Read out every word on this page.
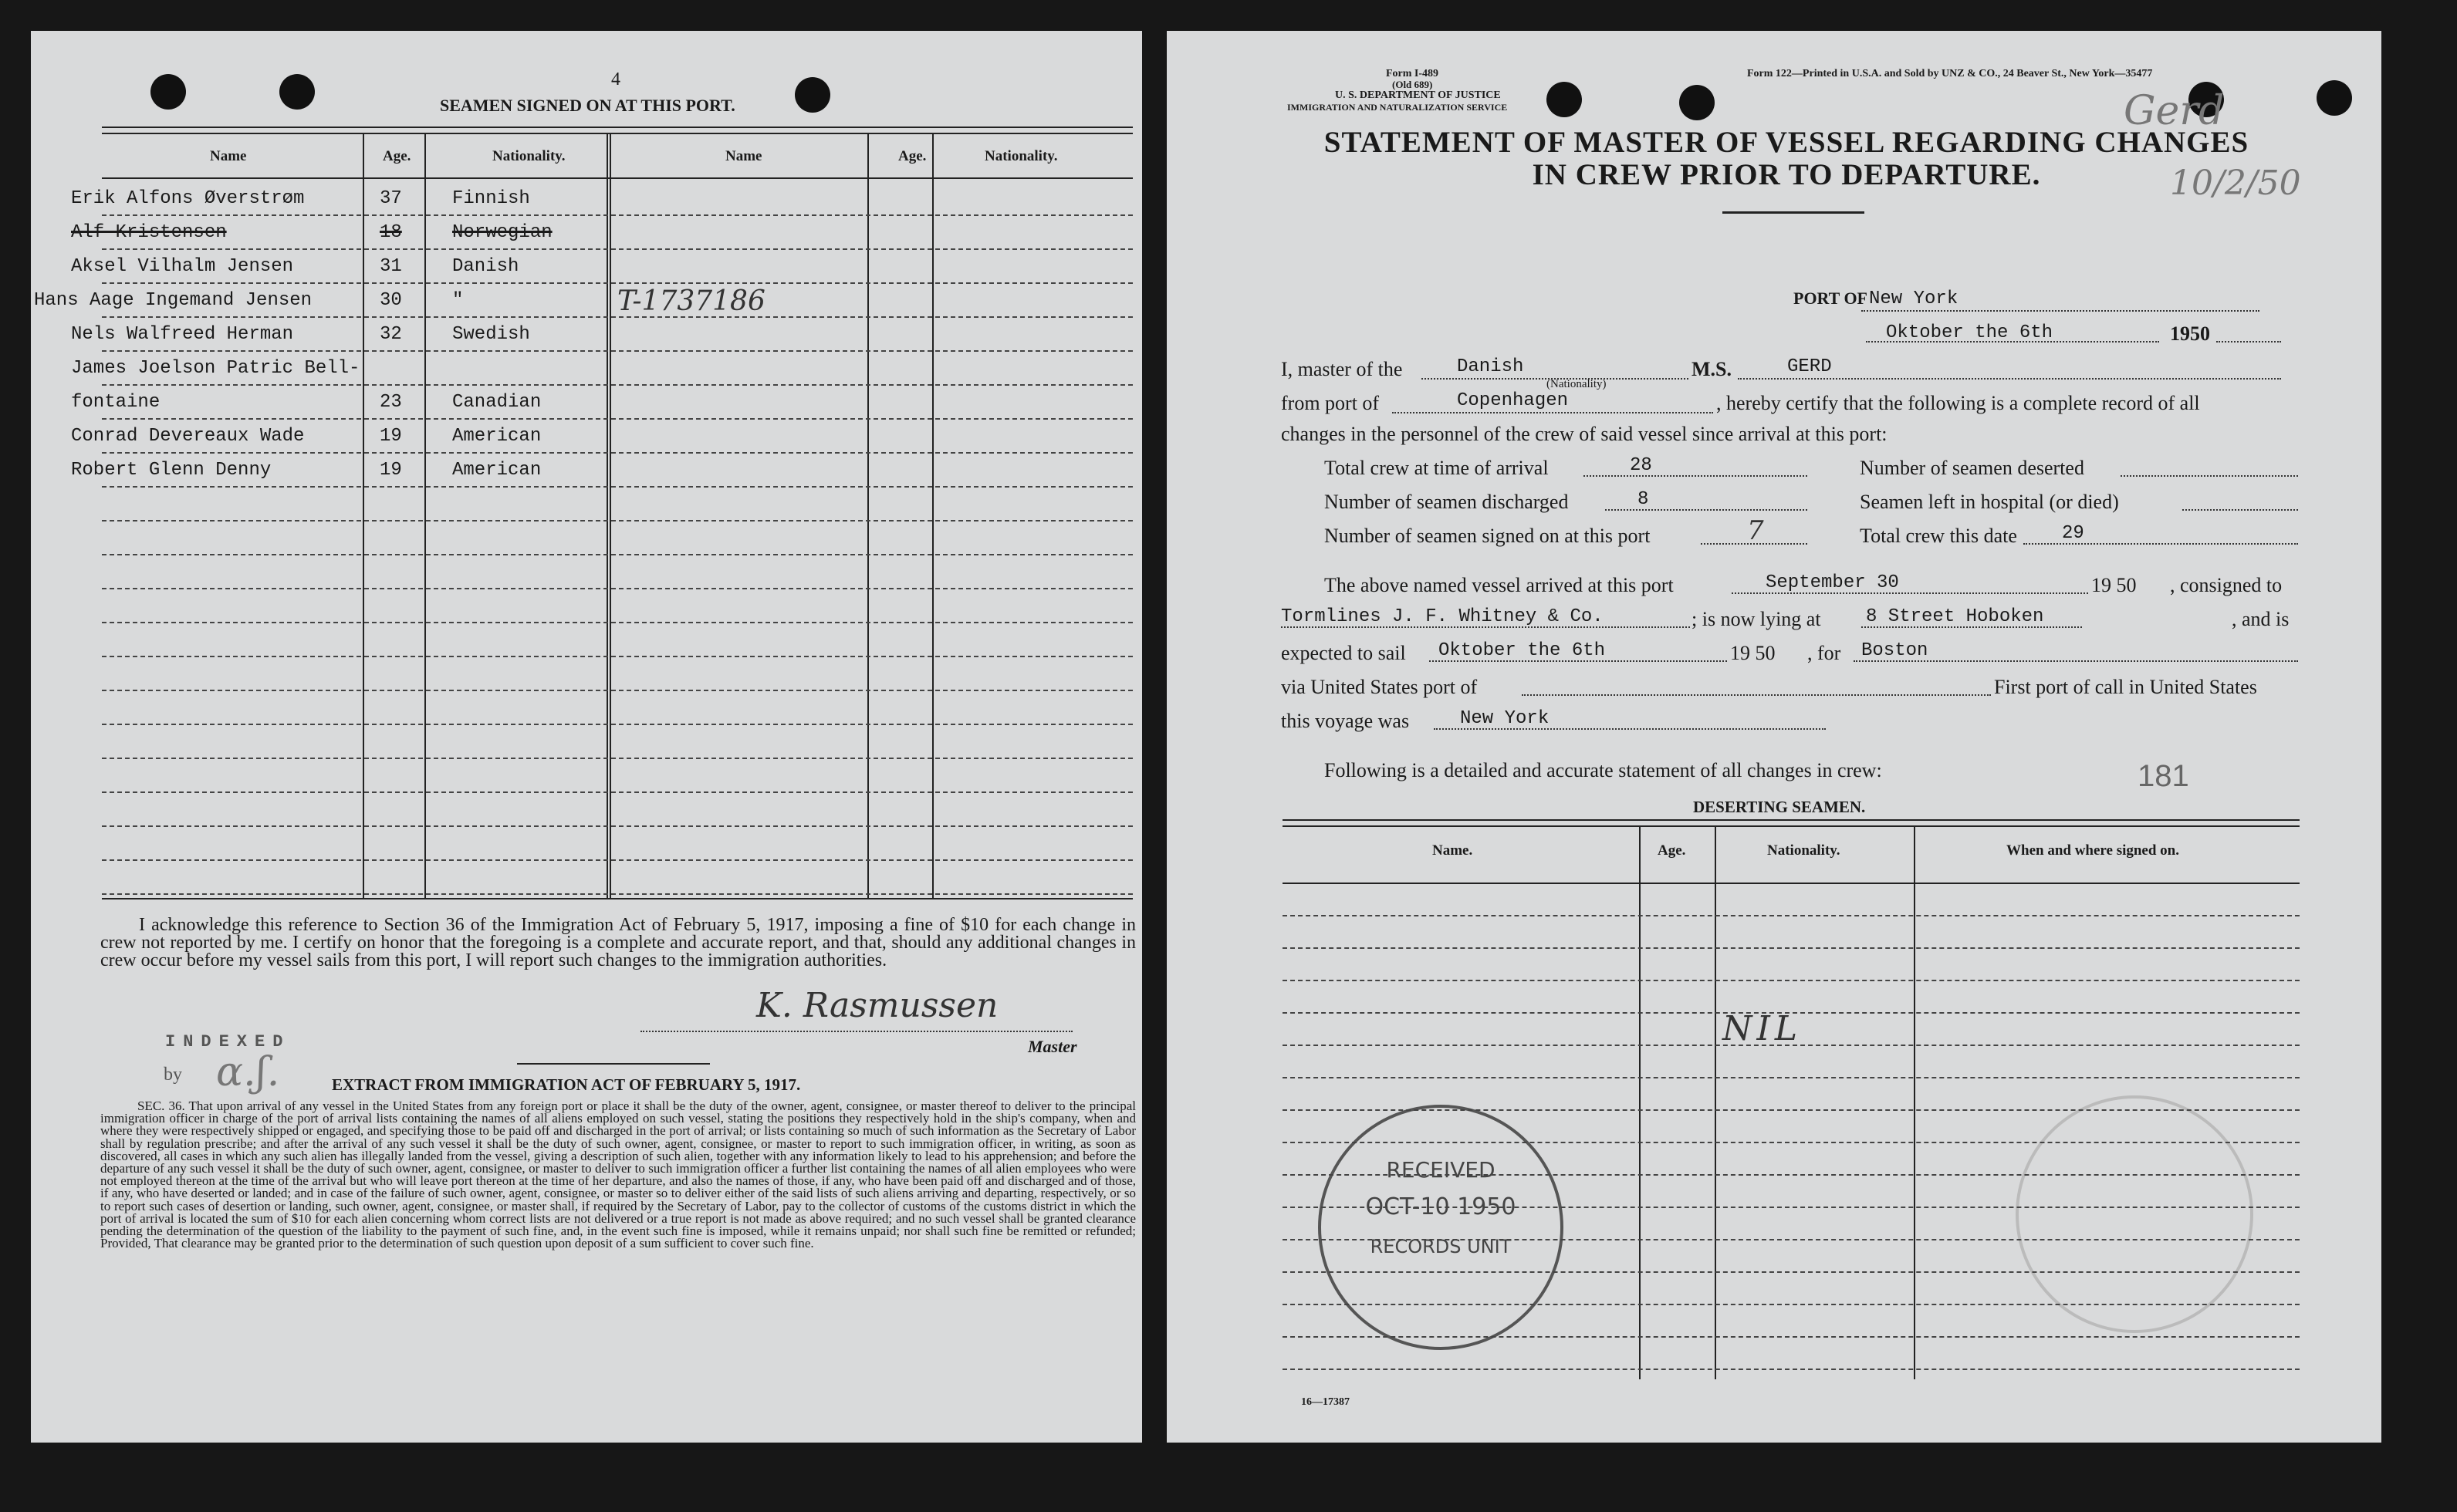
4
SEAMEN SIGNED ON AT THIS PORT.
Name	Age.	Nationality.	Name	Age.	Nationality.
T-1737186
I acknowledge this reference to Section 36 of the Immigration Act of February 5, 1917, imposing a fine of $10 for each change in crew not reported by me. I certify on honor that the foregoing is a complete and accurate report, and that, should any additional changes in crew occur before my vessel sails from this port, I will report such changes to the immigration authorities.
K. Rasmussen
Master
INDEXED
by ɑ.ʃ.	EXTRACT FROM IMMIGRATION ACT OF FEBRUARY 5, 1917.
SEC. 36. That upon arrival of any vessel in the United States from any foreign port or place it shall be the duty of the owner, agent, consignee, or master thereof to deliver to the principal immigration officer in charge of the port of arrival lists containing the names of all aliens employed on such vessel, stating the positions they respectively hold in the ship's company, when and where they were respectively shipped or engaged, and specifying those to be paid off and discharged in the port of arrival; or lists containing so much of such information as the Secretary of Labor shall by regulation prescribe; and after the arrival of any such vessel it shall be the duty of such owner, agent, consignee, or master to report to such immigration officer, in writing, as soon as discovered, all cases in which any such alien has illegally landed from the vessel, giving a description of such alien, together with any information likely to lead to his apprehension; and before the departure of any such vessel it shall be the duty of such owner, agent, consignee, or master to deliver to such immigration officer a further list containing the names of all alien employees who were not employed thereon at the time of the arrival but who will leave port thereon at the time of her departure, and also the names of those, if any, who have been paid off and discharged and of those, if any, who have deserted or landed; and in case of the failure of such owner, agent, consignee, or master so to deliver either of the said lists of such aliens arriving and departing, respectively, or so to report such cases of desertion or landing, such owner, agent, consignee, or master shall, if required by the Secretary of Labor, pay to the collector of customs of the customs district in which the port of arrival is located the sum of $10 for each alien concerning whom correct lists are not delivered or a true report is not made as above required; and no such vessel shall be granted clearance pending the determination of the question of the liability to the payment of such fine, and, in the event such fine is imposed, while it remains unpaid; nor shall such fine be remitted or refunded; Provided, That clearance may be granted prior to the determination of such question upon deposit of a sum sufficient to cover such fine.
Erik Alfons Øverstrøm	37	Finnish
Alf Kristensen	18	Norwegian
Aksel Vilhalm Jensen	31	Danish
Hans Aage Ingemand Jensen	30	"
Nels Walfreed Herman	32	Swedish
James Joelson Patric Bell-
fontaine	23	Canadian
Conrad Devereaux Wade	19	American
Robert Glenn Denny	19	American
Form I-489
(Old 689)
U. S. DEPARTMENT OF JUSTICE
IMMIGRATION AND NATURALIZATION SERVICE
Form 122—Printed in U.S.A. and Sold by UNZ & CO., 24 Beaver St., New York—35477
Gerd
STATEMENT OF MASTER OF VESSEL REGARDING CHANGES
IN CREW PRIOR TO DEPARTURE.	10/2/50
PORT OF New York
Oktober the 6th	1950
I, master of the	Danish
(Nationality)
M.S.	GERD
from port of	Copenhagen	, hereby certify that the following is a complete record of all
changes in the personnel of the crew of said vessel since arrival at this port:
Total crew at time of arrival	28	Number of seamen deserted
Number of seamen discharged	8	Seamen left in hospital (or died)
Number of seamen signed on at this port	7	Total crew this date 29
The above named vessel arrived at this port	September 30	19 50 , consigned to
Tormlines J. F. Whitney & Co.	; is now lying at 8 Street Hoboken	, and is
expected to sail Oktober the 6th	19 50 , for Boston
via United States port of	First port of call in United States
this voyage was	New York
Following is a detailed and accurate statement of all changes in crew:	181
DESERTING SEAMEN.
Name.	Age.	Nationality.	When and where signed on.
NIL
RECEIVED
OCT-10 1950
RECORDS UNIT
16—17387
